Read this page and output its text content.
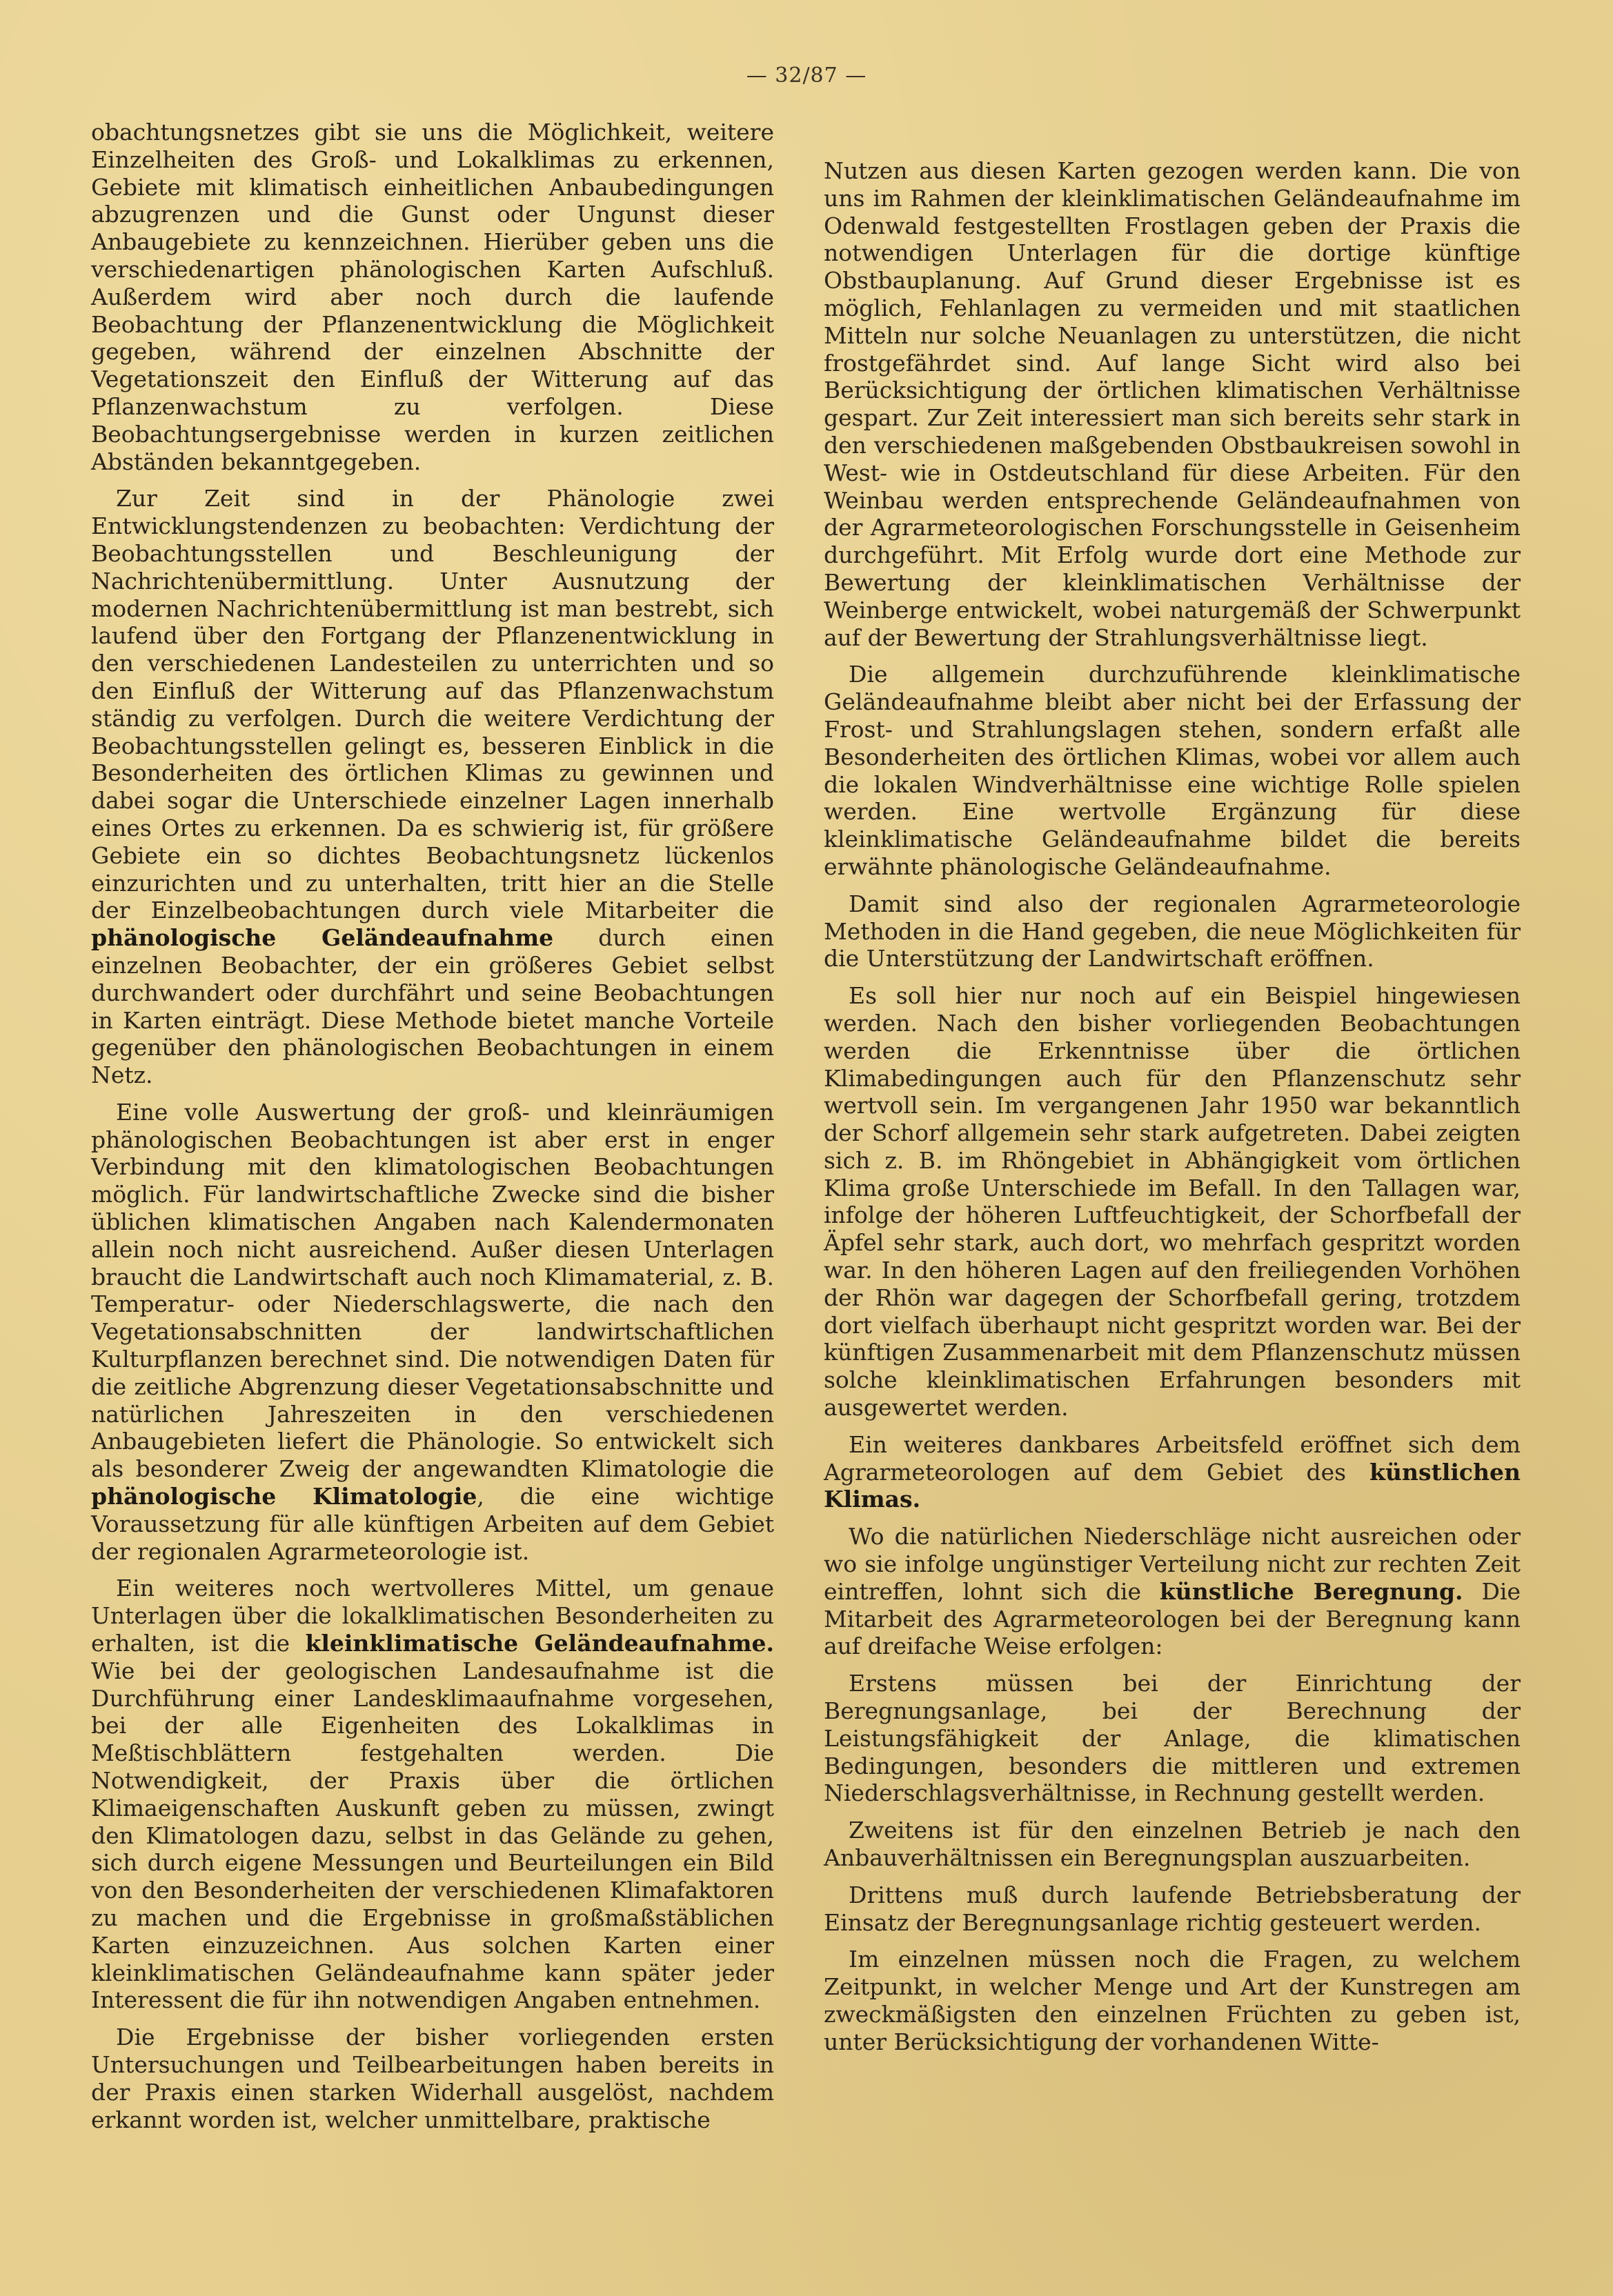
— 32/87 —

obachtungsnetzes gibt sie uns die Möglichkeit, weitere Einzelheiten des Groß- und Lokalklimas zu erkennen, Gebiete mit klimatisch einheitlichen Anbaubedingungen abzugrenzen und die Gunst oder Ungunst dieser Anbaugebiete zu kennzeichnen. Hierüber geben uns die verschiedenartigen phänologischen Karten Aufschluß. Außerdem wird aber noch durch die laufende Beobachtung der Pflanzenentwicklung die Möglichkeit gegeben, während der einzelnen Abschnitte der Vegetationszeit den Einfluß der Witterung auf das Pflanzenwachstum zu verfolgen. Diese Beobachtungsergebnisse werden in kurzen zeitlichen Abständen bekanntgegeben.

Zur Zeit sind in der Phänologie zwei Entwicklungstendenzen zu beobachten: Verdichtung der Beobachtungsstellen und Beschleunigung der Nachrichtenübermittlung. Unter Ausnutzung der modernen Nachrichtenübermittlung ist man bestrebt, sich laufend über den Fortgang der Pflanzenentwicklung in den verschiedenen Landesteilen zu unterrichten und so den Einfluß der Witterung auf das Pflanzenwachstum ständig zu verfolgen. Durch die weitere Verdichtung der Beobachtungsstellen gelingt es, besseren Einblick in die Besonderheiten des örtlichen Klimas zu gewinnen und dabei sogar die Unterschiede einzelner Lagen innerhalb eines Ortes zu erkennen. Da es schwierig ist, für größere Gebiete ein so dichtes Beobachtungsnetz lückenlos einzurichten und zu unterhalten, tritt hier an die Stelle der Einzelbeobachtungen durch viele Mitarbeiter die phänologische Geländeaufnahme durch einen einzelnen Beobachter, der ein größeres Gebiet selbst durchwandert oder durchfährt und seine Beobachtungen in Karten einträgt. Diese Methode bietet manche Vorteile gegenüber den phänologischen Beobachtungen in einem Netz.

Eine volle Auswertung der groß- und kleinräumigen phänologischen Beobachtungen ist aber erst in enger Verbindung mit den klimatologischen Beobachtungen möglich. Für landwirtschaftliche Zwecke sind die bisher üblichen klimatischen Angaben nach Kalendermonaten allein noch nicht ausreichend. Außer diesen Unterlagen braucht die Landwirtschaft auch noch Klimamaterial, z. B. Temperatur- oder Niederschlagswerte, die nach den Vegetationsabschnitten der landwirtschaftlichen Kulturpflanzen berechnet sind. Die notwendigen Daten für die zeitliche Abgrenzung dieser Vegetationsabschnitte und natürlichen Jahreszeiten in den verschiedenen Anbaugebieten liefert die Phänologie. So entwickelt sich als besonderer Zweig der angewandten Klimatologie die phänologische Klimatologie, die eine wichtige Voraussetzung für alle künftigen Arbeiten auf dem Gebiet der regionalen Agrarmeteorologie ist.

Ein weiteres noch wertvolleres Mittel, um genaue Unterlagen über die lokalklimatischen Besonderheiten zu erhalten, ist die kleinklimatische Geländeaufnahme. Wie bei der geologischen Landesaufnahme ist die Durchführung einer Landesklimaaufnahme vorgesehen, bei der alle Eigenheiten des Lokalklimas in Meßtischblättern festgehalten werden. Die Notwendigkeit, der Praxis über die örtlichen Klimaeigenschaften Auskunft geben zu müssen, zwingt den Klimatologen dazu, selbst in das Gelände zu gehen, sich durch eigene Messungen und Beurteilungen ein Bild von den Besonderheiten der verschiedenen Klimafaktoren zu machen und die Ergebnisse in großmaßstäblichen Karten einzuzeichnen. Aus solchen Karten einer kleinklimatischen Geländeaufnahme kann später jeder Interessent die für ihn notwendigen Angaben entnehmen.

Die Ergebnisse der bisher vorliegenden ersten Untersuchungen und Teilbearbeitungen haben bereits in der Praxis einen starken Widerhall ausgelöst, nachdem erkannt worden ist, welcher unmittelbare, praktische

Nutzen aus diesen Karten gezogen werden kann. Die von uns im Rahmen der kleinklimatischen Geländeaufnahme im Odenwald festgestellten Frostlagen geben der Praxis die notwendigen Unterlagen für die dortige künftige Obstbauplanung. Auf Grund dieser Ergebnisse ist es möglich, Fehlanlagen zu vermeiden und mit staatlichen Mitteln nur solche Neuanlagen zu unterstützen, die nicht frostgefährdet sind. Auf lange Sicht wird also bei Berücksichtigung der örtlichen klimatischen Verhältnisse gespart. Zur Zeit interessiert man sich bereits sehr stark in den verschiedenen maßgebenden Obstbaukreisen sowohl in West- wie in Ostdeutschland für diese Arbeiten. Für den Weinbau werden entsprechende Geländeaufnahmen von der Agrarmeteorologischen Forschungsstelle in Geisenheim durchgeführt. Mit Erfolg wurde dort eine Methode zur Bewertung der kleinklimatischen Verhältnisse der Weinberge entwickelt, wobei naturgemäß der Schwerpunkt auf der Bewertung der Strahlungsverhältnisse liegt.

Die allgemein durchzuführende kleinklimatische Geländeaufnahme bleibt aber nicht bei der Erfassung der Frost- und Strahlungslagen stehen, sondern erfaßt alle Besonderheiten des örtlichen Klimas, wobei vor allem auch die lokalen Windverhältnisse eine wichtige Rolle spielen werden. Eine wertvolle Ergänzung für diese kleinklimatische Geländeaufnahme bildet die bereits erwähnte phänologische Geländeaufnahme.

Damit sind also der regionalen Agrarmeteorologie Methoden in die Hand gegeben, die neue Möglichkeiten für die Unterstützung der Landwirtschaft eröffnen.

Es soll hier nur noch auf ein Beispiel hingewiesen werden. Nach den bisher vorliegenden Beobachtungen werden die Erkenntnisse über die örtlichen Klimabedingungen auch für den Pflanzenschutz sehr wertvoll sein. Im vergangenen Jahr 1950 war bekanntlich der Schorf allgemein sehr stark aufgetreten. Dabei zeigten sich z. B. im Rhöngebiet in Abhängigkeit vom örtlichen Klima große Unterschiede im Befall. In den Tallagen war, infolge der höheren Luftfeuchtigkeit, der Schorfbefall der Äpfel sehr stark, auch dort, wo mehrfach gespritzt worden war. In den höheren Lagen auf den freiliegenden Vorhöhen der Rhön war dagegen der Schorfbefall gering, trotzdem dort vielfach überhaupt nicht gespritzt worden war. Bei der künftigen Zusammenarbeit mit dem Pflanzenschutz müssen solche kleinklimatischen Erfahrungen besonders mit ausgewertet werden.

Ein weiteres dankbares Arbeitsfeld eröffnet sich dem Agrarmeteorologen auf dem Gebiet des künstlichen Klimas.

Wo die natürlichen Niederschläge nicht ausreichen oder wo sie infolge ungünstiger Verteilung nicht zur rechten Zeit eintreffen, lohnt sich die künstliche Beregnung. Die Mitarbeit des Agrarmeteorologen bei der Beregnung kann auf dreifache Weise erfolgen:

Erstens müssen bei der Einrichtung der Beregnungsanlage, bei der Berechnung der Leistungsfähigkeit der Anlage, die klimatischen Bedingungen, besonders die mittleren und extremen Niederschlagsverhältnisse, in Rechnung gestellt werden.

Zweitens ist für den einzelnen Betrieb je nach den Anbauverhältnissen ein Beregnungsplan auszuarbeiten.

Drittens muß durch laufende Betriebsberatung der Einsatz der Beregnungsanlage richtig gesteuert werden.

Im einzelnen müssen noch die Fragen, zu welchem Zeitpunkt, in welcher Menge und Art der Kunstregen am zweckmäßigsten den einzelnen Früchten zu geben ist, unter Berücksichtigung der vorhandenen Witte-
